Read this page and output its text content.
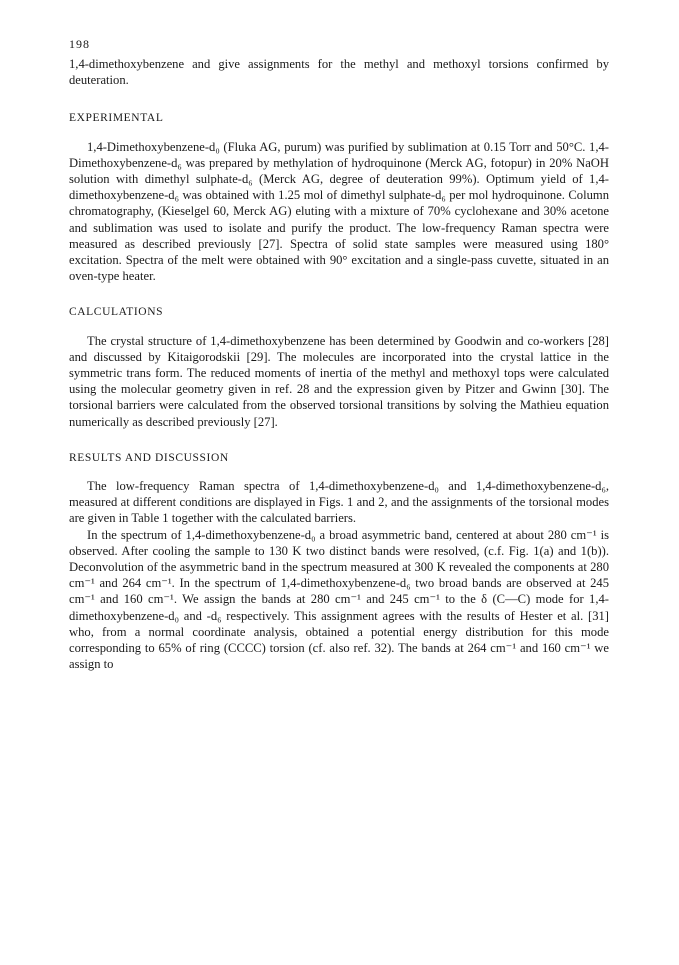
198

1,4-dimethoxybenzene and give assignments for the methyl and methoxyl torsions confirmed by deuteration.

EXPERIMENTAL

1,4-Dimethoxybenzene-d₀ (Fluka AG, purum) was purified by sublimation at 0.15 Torr and 50°C. 1,4-Dimethoxybenzene-d₆ was prepared by methylation of hydroquinone (Merck AG, fotopur) in 20% NaOH solution with dimethyl sulphate-d₆ (Merck AG, degree of deuteration 99%). Optimum yield of 1,4-dimethoxybenzene-d₆ was obtained with 1.25 mol of dimethyl sulphate-d₆ per mol hydroquinone. Column chromatography, (Kieselgel 60, Merck AG) eluting with a mixture of 70% cyclohexane and 30% acetone and sublimation was used to isolate and purify the product. The low-frequency Raman spectra were measured as described previously [27]. Spectra of solid state samples were measured using 180° excitation. Spectra of the melt were obtained with 90° excitation and a single-pass cuvette, situated in an oven-type heater.

CALCULATIONS

The crystal structure of 1,4-dimethoxybenzene has been determined by Goodwin and co-workers [28] and discussed by Kitaigorodskii [29]. The molecules are incorporated into the crystal lattice in the symmetric trans form. The reduced moments of inertia of the methyl and methoxyl tops were calculated using the molecular geometry given in ref. 28 and the expression given by Pitzer and Gwinn [30]. The torsional barriers were calculated from the observed torsional transitions by solving the Mathieu equation numerically as described previously [27].

RESULTS AND DISCUSSION

The low-frequency Raman spectra of 1,4-dimethoxybenzene-d₀ and 1,4-dimethoxybenzene-d₆, measured at different conditions are displayed in Figs. 1 and 2, and the assignments of the torsional modes are given in Table 1 together with the calculated barriers.

In the spectrum of 1,4-dimethoxybenzene-d₀ a broad asymmetric band, centered at about 280 cm⁻¹ is observed. After cooling the sample to 130 K two distinct bands were resolved, (c.f. Fig. 1(a) and 1(b)). Deconvolution of the asymmetric band in the spectrum measured at 300 K revealed the components at 280 cm⁻¹ and 264 cm⁻¹. In the spectrum of 1,4-dimethoxybenzene-d₆ two broad bands are observed at 245 cm⁻¹ and 160 cm⁻¹. We assign the bands at 280 cm⁻¹ and 245 cm⁻¹ to the δ (C—C) mode for 1,4-dimethoxybenzene-d₀ and -d₆ respectively. This assignment agrees with the results of Hester et al. [31] who, from a normal coordinate analysis, obtained a potential energy distribution for this mode corresponding to 65% of ring (CCCC) torsion (cf. also ref. 32). The bands at 264 cm⁻¹ and 160 cm⁻¹ we assign to
